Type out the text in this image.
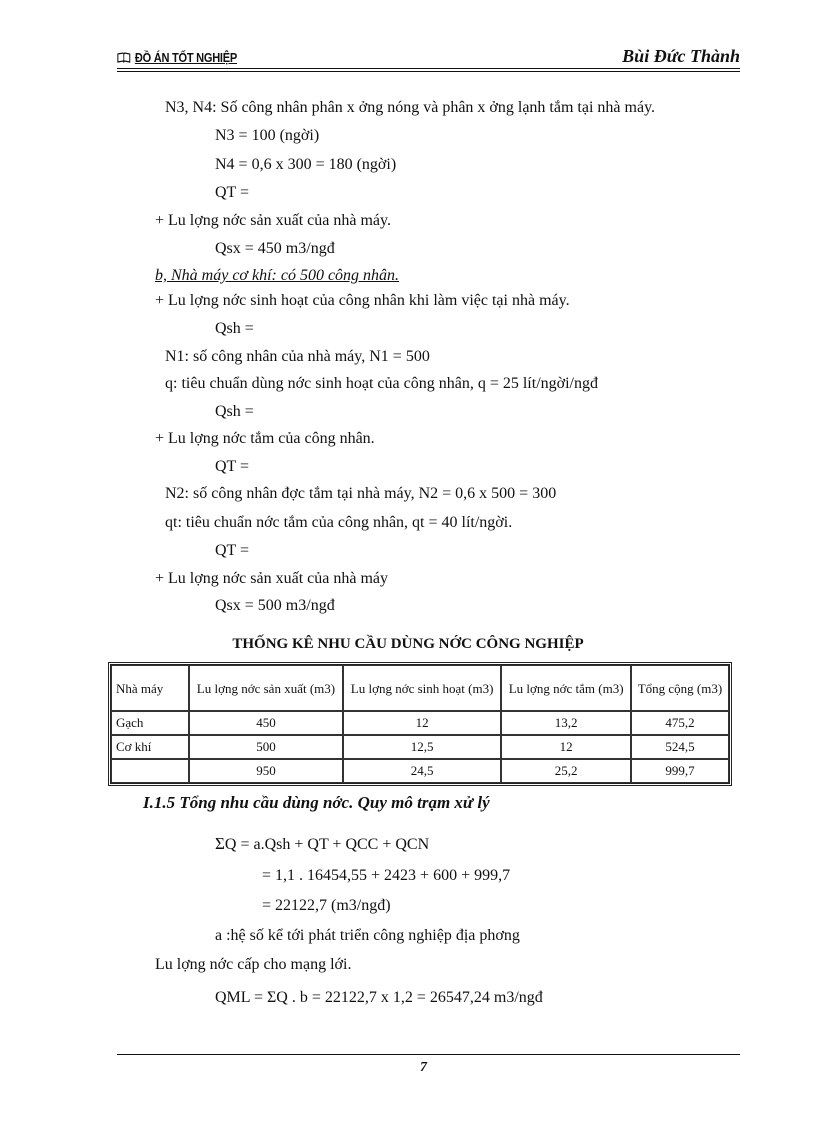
ĐỒ ÁN TỐT NGHIỆP	Bùi Đức Thành
N3, N4: Số công nhân phân x ởng nóng và phân x ởng lạnh tắm tại nhà máy.
N3 = 100 (ngời)
N4 = 0,6 x 300 = 180 (ngời)
QT =
+ Lu lợng nớc sản xuất của nhà máy.
Qsx = 450 m3/ngđ
b, Nhà máy cơ khí: có 500 công nhân.
+ Lu lợng nớc sinh hoạt của công nhân khi làm việc tại nhà máy.
Qsh =
N1: số công nhân của nhà máy, N1 = 500
q: tiêu chuẩn dùng nớc sinh hoạt của công nhân, q = 25 lít/ngời/ngđ
Qsh =
+ Lu lợng nớc tắm của công nhân.
QT =
N2: số công nhân đợc tắm tại nhà máy, N2 = 0,6 x 500 = 300
qt: tiêu chuẩn nớc tắm của công nhân, qt = 40 lít/ngời.
QT =
+ Lu lợng nớc sản xuất của nhà máy
Qsx = 500 m3/ngđ
THỐNG KÊ NHU CẦU DÙNG NỚC CÔNG NGHIỆP
Nhà máy	Lu lợng nớc sản xuất (m3)	Lu lợng nớc sinh hoạt (m3)	Lu lợng nớc tắm (m3)	Tổng cộng (m3)
Gạch	450	12	13,2	475,2
Cơ khí	500	12,5	12	524,5
	950	24,5	25,2	999,7
I.1.5 Tổng nhu cầu dùng nớc. Quy mô trạm xử lý
ΣQ = a.Qsh + QT + QCC + QCN
= 1,1 . 16454,55 + 2423 + 600 + 999,7
= 22122,7 (m3/ngđ)
a :hệ số kể tới phát triển công nghiệp địa phơng
Lu lợng nớc cấp cho mạng lới.
QML = ΣQ . b = 22122,7 x 1,2 = 26547,24 m3/ngđ
7
